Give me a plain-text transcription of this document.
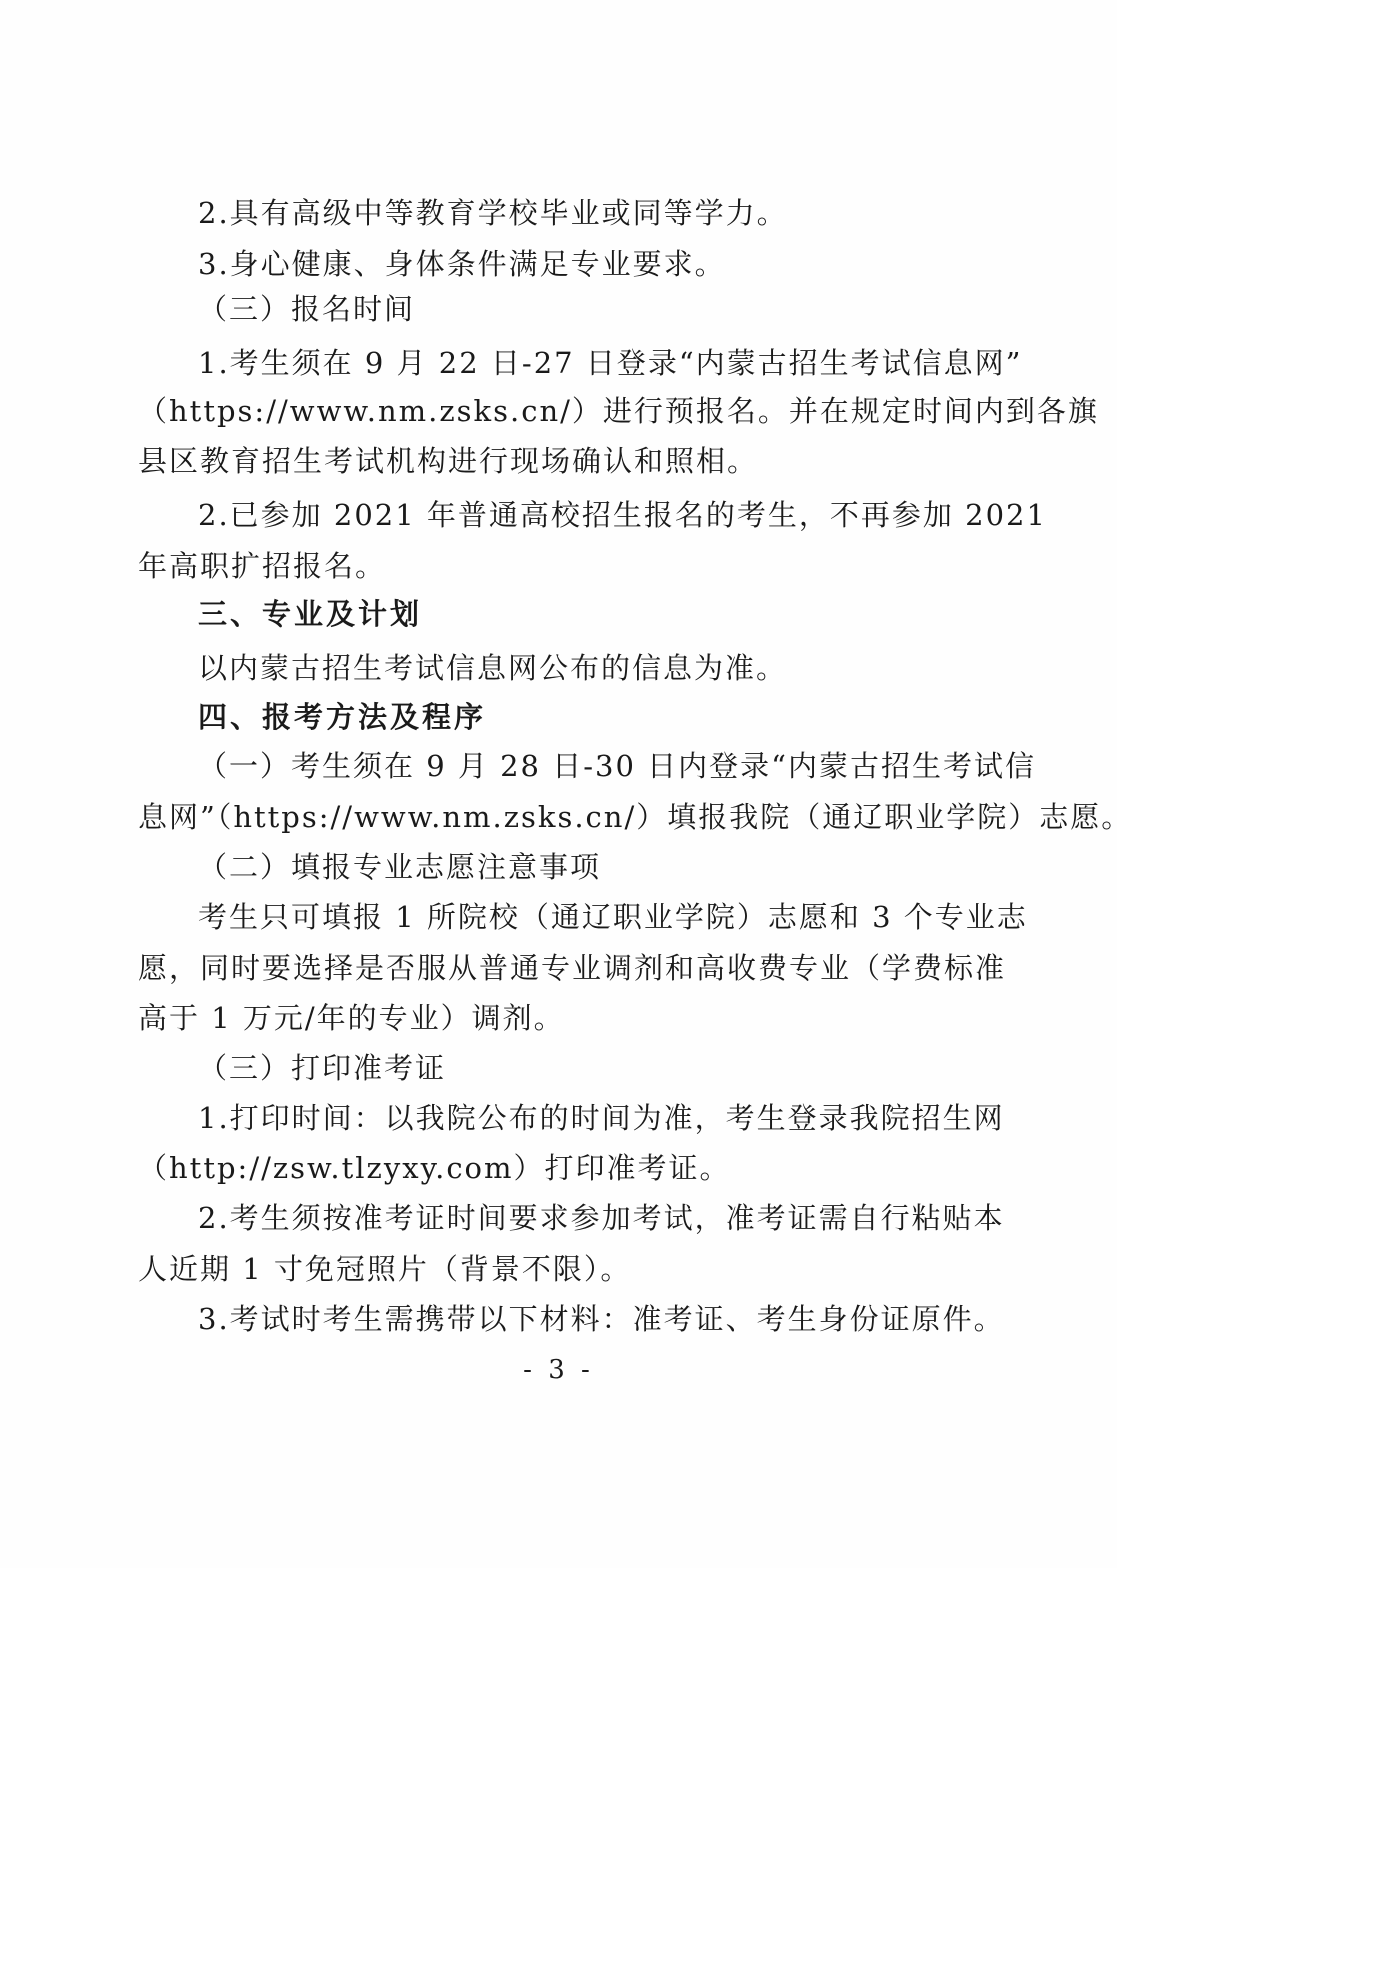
2.具有高级中等教育学校毕业或同等学力。
3.身心健康、身体条件满足专业要求。
（三）报名时间
1.考生须在 9 月 22 日-27 日登录“内蒙古招生考试信息网”
（https://www.nm.zsks.cn/）进行预报名。并在规定时间内到各旗
县区教育招生考试机构进行现场确认和照相。
2.已参加 2021 年普通高校招生报名的考生，不再参加 2021
年高职扩招报名。
三、专业及计划
以内蒙古招生考试信息网公布的信息为准。
四、报考方法及程序
（一）考生须在 9 月 28 日-30 日内登录“内蒙古招生考试信
息网”（https://www.nm.zsks.cn/）填报我院（通辽职业学院）志愿。
（二）填报专业志愿注意事项
考生只可填报 1 所院校（通辽职业学院）志愿和 3 个专业志
愿，同时要选择是否服从普通专业调剂和高收费专业（学费标准
高于 1 万元/年的专业）调剂。
（三）打印准考证
1.打印时间：以我院公布的时间为准，考生登录我院招生网
（http://zsw.tlzyxy.com）打印准考证。
2.考生须按准考证时间要求参加考试，准考证需自行粘贴本
人近期 1 寸免冠照片（背景不限）。
3.考试时考生需携带以下材料：准考证、考生身份证原件。
- 3 -
